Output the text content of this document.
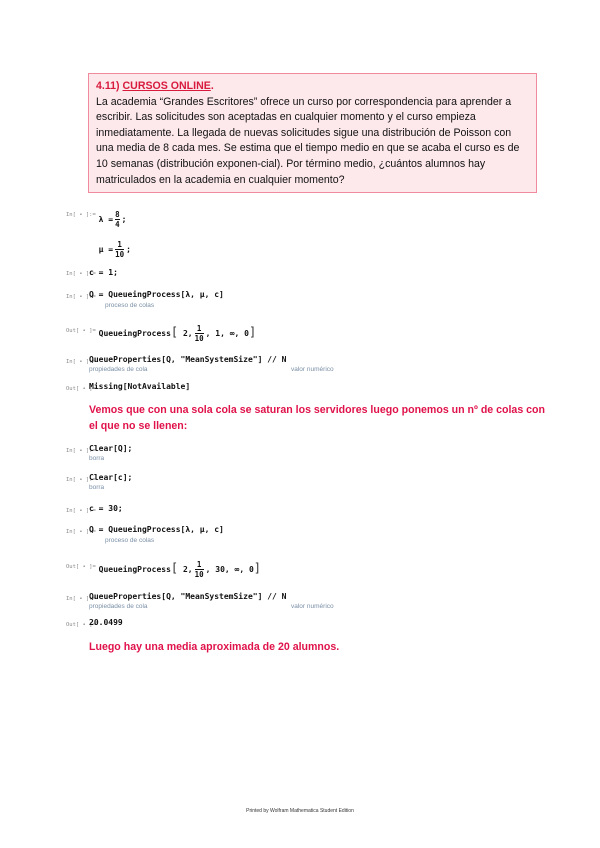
4.11) CURSOS ONLINE.
La academia “Grandes Escritores” ofrece un curso por correspondencia para aprender a escribir. Las solicitudes son aceptadas en cualquier momento y el curso empieza inmediatamente. La llegada de nuevas solicitudes sigue una distribución de Poisson con una media de 8 cada mes. Se estima que el tiempo medio en que se acaba el curso es de 10 semanas (distribución exponen-cial). Por término medio, ¿cuántos alumnos hay matriculados en la academia en cualquier momento?

In[ • ]:= $\lambda = \frac{8}{4}$ ;

$\mu = \frac{1}{10}$ ;

In[ • ]:=
c = 1;
In[ • ]:=
Q = QueueingProcess[λ, μ, c]
proceso de colas
Out[ • ]= QueueingProcess[ 2, $\frac{1}{10}$ , 1, ∞, 0]

In[ • ]:=
QueueProperties[Q, "MeanSystemSize"] // N
propiedades de cola	valor numérico
Out[ • ]=
Missing[NotAvailable]
Vemos que con una sola cola se saturan los servidores luego ponemos un nº de colas con el que no se llenen:
In[ • ]:=
Clear[Q];
borra
In[ • ]:=
Clear[c];
borra
In[ • ]:=
c = 30;
In[ • ]:=
Q = QueueingProcess[λ, μ, c]
proceso de colas
Out[ • ]= QueueingProcess[ 2, $\frac{1}{10}$ , 30, ∞, 0]

In[ • ]:=
QueueProperties[Q, "MeanSystemSize"] // N
propiedades de cola	valor numérico
Out[ • ]=
20.0499
Luego hay una media aproximada de 20 alumnos.
Printed by Wolfram Mathematica Student Edition
